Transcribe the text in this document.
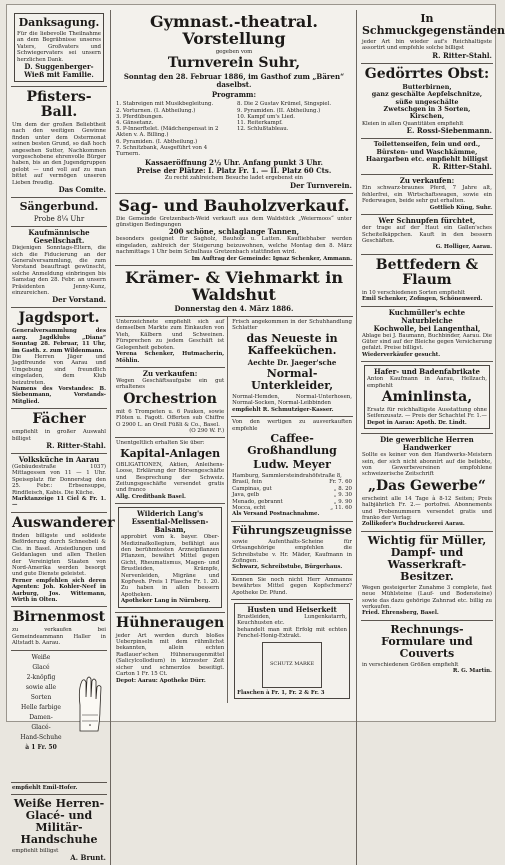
Danksagung.
Für die liebevolle Theilnahme an dem Begräbnisse unseres Vaters, Großvaters und Schwiegervaters sei unsern herzlichen Dank.
D. Suggenberger-Wieß mit Familie.
Pfisters-Ball.
Um dem der großen Beliebtheit nach den weitigen Gewinne finden unter dem Ostermonat seinen besten Grund, so daß hoch angesehen Sutter, Nachkommen vorgeschobene ehrenvolle Bürger haben, bis an den Jugendgruppen gelobt — und voll auf zu man bittet auf vermögen unseren Lieben freudig.
Das Comite.
Sängerbund.
Probe 8¼ Uhr
Kaufmännische Gesellschaft.
Diejenigen Sonntags-Eltern, die sich die Fiducierung an der Generalversammlung, die zum Vorstand beauftragt gewünscht, solche Anmeldung einbringen bis Samstag den 28. Febr. an unsern Präsidenten Jenny-Kunz, einzureichen.
Der Vorstand.
Jagdsport.
Generalversammlung des aarg. Jagdklubs „Diana“ Sonntag 28. Februar, 11 Uhr, im Gasth. z. zum Wildenmann.
Die Herren Jäger und Jagdfreunde von Aarau und Umgebung sind freundlich eingeladen, dem Klub beizutreten.
Namens des Vorstandes: B. Siebenmann, Vorstands-Mitglied.
Fächer
empfiehlt in großer Auswahl billigst
R. Ritter-Stahl.
Volksküche in Aarau
(Gebäudestraße 1037) Mittagessen von 11 — 1 Uhr. Speiseplatz für Donnerstag den 25. Febr.: Erbsensuppe, Rindfleisch, Kabis. Die Küche.
Marktanzeige 11 Ciel & Fr. 1.—
Auswanderer
finden billigste und solideste Beförderung durch Schneebeli & Cie. in Basel. Ansiedlungen und Geldanlagen und allen Theilen der Vereinigten Staaten von Nord-Amerika werden besorgt und gute Dienste geleistet.
Ferner empfehlen sich deren Agenten: Joh. Kohler-Neef in Aarburg, Jos. Wittemann, Wirth in Olten.
Birnenmost
zu verkaufen bei Gemeindeammann Haller in Altstadt b. Aarau.
Weiße
Glacé
2-knöpfig
sowie alle
Sorten
Helle farbige
Damen-
Glacé-
Hand-Schuhe
à 1 Fr. 50
empfiehlt Emil-Hofer.
Weiße Herren-Glacé- und Militär-Handschuhe
empfiehlt billigst
A. Brunt.
Gymnast.-theatral. Vorstellung
gegeben vom
Turnverein Suhr,
Sonntag den 28. Februar 1886, im Gasthof zum „Bären“ daselbst.
Programm:
1. Stabreigen mit Musikbegleitung.
2. Vorturnen. (I. Abtheilung.)
3. Pferdübungen.
4. Gänsetanz.
5. P-Innerftelet. (Mädchenpensat in 2 Akten v. A. Billing.)
6. Pyramiden. (I. Abtheilung.)
7. Schnitzbank, Ausgeführt von 4 Turnern.
8. Die 2 Gustav Krümel, Singspiel.
9. Pyramiden. (II. Abtheilung.)
10. Kampf um's Lied.
11. Reiterkampf.
12. Schlußtableau.
Kassaeröffnung 2½ Uhr. Anfang punkt 3 Uhr.
Preise der Plätze: I. Platz Fr. 1. — II. Platz 60 Cts.
Zu recht zahlreichem Besuche ladet ergebenst ein
Der Turnverein.
Sag- und Bauholzverkauf.
Die Gemeinde Gretzenbach-Weid verkauft aus dem Waldstück „Weiermoos“ unter günstigen Bedingungen
200 schöne, schlaglange Tannen,
besonders geeignet für Sagholz, Bauholz u. Latten. Kaufliebhaber werden eingeladen, zahlreich der Steigerung beizuwohnen, welche Montag den 8. März nachmittags 1 Uhr beim Schulhaus Gretzenbach stattfinden wird.
Im Auftrag der Gemeinde: Ignaz Schenker, Ammann.
Krämer- & Viehmarkt in Waldshut
Donnerstag den 4. März 1886.
Unterzeichnete empfiehlt sich auf demselben Markte zum Einkaufen von Vieh, Kälbern und Schweinen. Fürsprechen zu jedem Geschäft ist Gelegenheit geboten.
Verena Schenker, Hutmacherin, Möhlin.
Zu verkaufen:
Wegen Geschäftsaufgabe ein gut erhaltenes
Orchestrion
mit 6 Trompeten u. 6 Pauken, sowie Flöten u. Fagott. Offerten sub Chiffre O 2900 L. an Orell Füßli & Co., Basel.
(O 290 W. F.)
Unentgeltlich erhalten Sie über:
Kapital-Anlagen
OBLIGATIONEN, Aktien, Anleihens-Loose, Erklärung der Börsengeschäfte und Besprechung der Schweiz. Zeitungsgeschäfte versendet gratis und franco
Allg. Creditbank Basel.
Wilderich Lang's Essential-Melissen-Balsam,
approbirt vom k. bayer. Ober-Medizinalkollegium, befähigt aus den berühmtesten Arzneipflanzen Pflanzen, bewährt Mittel gegen Gicht, Rheumatismus, Magen- und Brustleiden, Krämpfe, Nervenleiden, Migräne und Kopfweh. Preis 1 Flasche Fr. 1. 20. Zu haben in allen bessern Apotheken.
Apotheker Lang in Nürnberg.
Hühneraugen
jeder Art werden durch bloßes Ueberpinseln mit dem rühmlichst bekannten, allein echten Radlauer'schen Hühneraugenmittel (Salicylcollodium) in kürzester Zeit sicher und schmerzlos beseitigt. Carton 1 Fr. 15 Ct.
Depot: Aarau: Apotheke Dürr.
Frisch angekommen in der Schuhhandlung Schlatter
das Neueste in Kaffeeküchen.
Aechte Dr. Jaeger'sche
Normal-Unterkleider,
Normal-Hemden, Normal-Unterhosen, Normal-Socken, Normal-Leibbinden
empfiehlt R. Schmutziger-Kasser.
Von den wertigen zu ausverkauften empfehle
Caffee-Großhandlung
Ludw. Meyer
Hamburg, Sammlersteindrahöfstraße 8,
Brasil, fein	Fr. 7. 60
Campinas, gut	„ 8. 20
Java, gelb	„ 9. 30
Menado, gebrannt	„ 9. 90
Mocca, echt	„ 11. 60
Als Versand Postnachnahme.
Führungszeugnisse
sowie Aufenthalts-Scheine für Ortsangehörige empfehlen die Schreibstube v. Hr. Mäder, Kaufmann in Zofingen.
Schwarz, Schreibstube, Bürgerhaus.
Kennen Sie noch nicht Herr Ammanns bewährtes Mittel gegen Kopfschmerz? Apotheke Dr. Pfund.
Husten und Heiserkeit
Brustleiden, Lungenkatarrh, Keuchhusten etc.
behandelt man mit Erfolg mit echten Fenchel-Honig-Extrakt.
SCHUTZ MARKE
Flaschen à Fr. 1, Fr. 2 & Fr. 3
In Schmuckgegenständen
jeder Art bin wieder auf's Reichhaltigste assortirt und empfehle solche billigst
R. Ritter-Stahl.
Gedörrtes Obst:
Butterbirnen,
ganz geschälte Aepfelschnitze,
süße ungeschälte
Zwetschgen in 3 Sorten,
Kirschen,
Kleien in allen Quantitäten empfiehlt
E. Rossi-Siebenmann.
Toilettenseifen, fein und ord., Bürsten- und Waschkämme, Haargarben etc. empfiehlt billigst
R. Ritter-Stahl.
Zu verkaufen:
Ein schwarz-braunes Pferd, 7 Jahre alt, fehlerfrei, ein Wirtschaftswagen, sowie ein Federwagen, beide sehr gut erhalten.
Gottlieb Küng, Suhr.
Wer Schnupfen fürchtet,
der trage auf der Haut ein Gallen'sches Scheitelkäppchen. Kauft in den bessern Geschäften.
G. Holliger, Aarau.
Bettfedern & Flaum
in 10 verschiedenen Sorten empfiehlt
Emil Schenker, Zofingen, Schönenwerd.
Kuchmüller's echte Naturbleiche
Kochwolle, bei Langenthal,
Ablage bei J. Baumann, Buchbinder, Aarau. Die Güter sind auf der Bleiche gegen Versicherung gefalzt. Preise billigst.
Wiederverkäufer gesucht.
Hafer- und Badenfabrikate
Anton Kaufmann in Aarau, Hellzach, empfiehlt
Aminlinsta,
Ersatz für reichhaltigste Ausstattung ohne Seifenzusatz. — Preis der Schachtel Fr. 1.—
Depot in Aarau: Apoth. Dr. Lindt.
Die gewerbliche Herren Handwerker
Sollte es keiner von den Handwerks-Meistern sein, der sich nicht abonnirt auf die beliebte, von Gewerbevereinen empfohlene schweizerische Zeitschrift
„Das Gewerbe“
erscheint alle 14 Tage à 8-12 Seiten; Preis halbjährlich Fr. 2.— portofrei. Abonnements und Probenummern versendet gratis und franko der Verlag:
Zollikofer's Buchdruckerei Aarau.
Wichtig für Müller, Dampf- und Wasserkraft-Besitzer.
Wegen gesteigerter Zunahme 3 complete, fast neue Mühlsteine (Lauf- und Bodensteine) sowie das dazu gehörige Zahnrad etc. billig zu verkaufen.
Fried. Ehrensberg, Basel.
Rechnungs-Formulare und Couverts
in verschiedenen Größen empfiehlt
R. G. Martin.
